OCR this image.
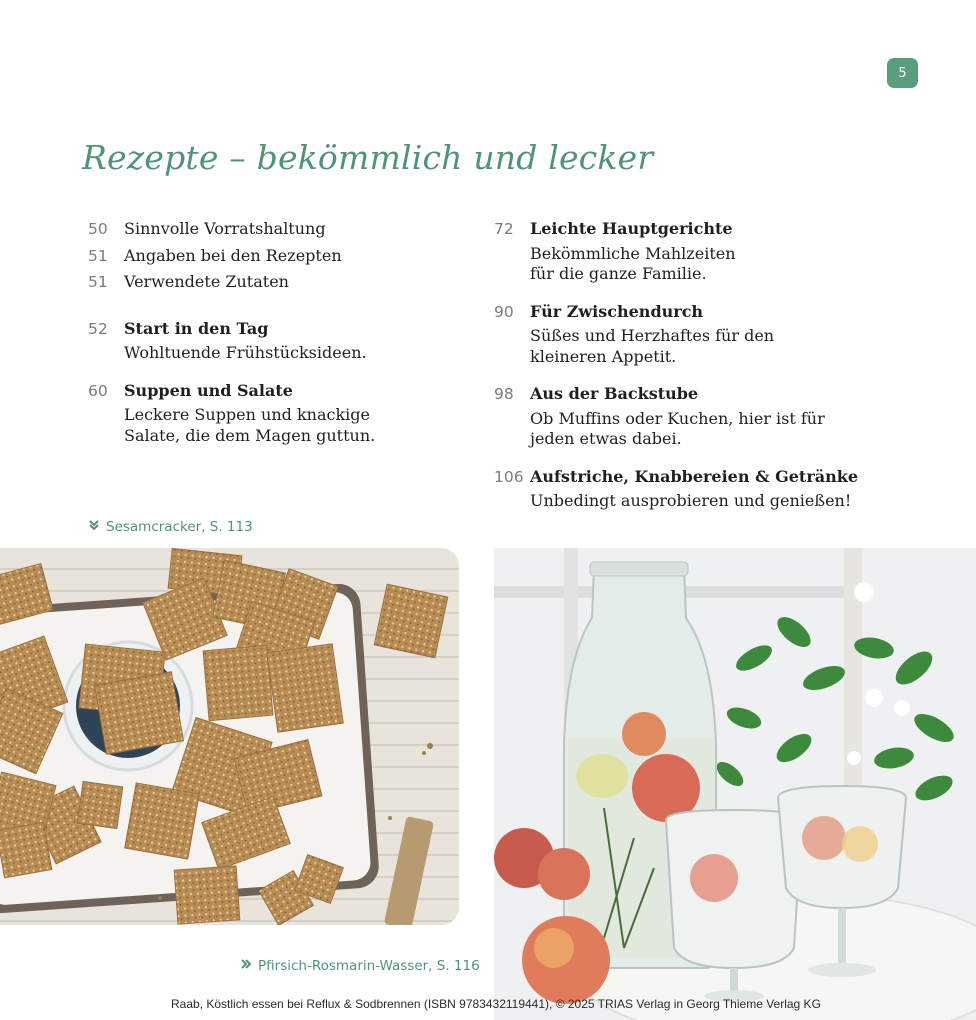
5
Rezepte – bekömmlich und lecker
50 Sinnvolle Vorratshaltung
51 Angaben bei den Rezepten
51 Verwendete Zutaten
52 Start in den Tag
Wohltuende Frühstücksideen.
60 Suppen und Salate
Leckere Suppen und knackige Salate, die dem Magen guttun.
72 Leichte Hauptgerichte
Bekömmliche Mahlzeiten für die ganze Familie.
90 Für Zwischendurch
Süßes und Herzhaftes für den kleineren Appetit.
98 Aus der Backstube
Ob Muffins oder Kuchen, hier ist für jeden etwas dabei.
106 Aufstriche, Knabbereien & Getränke
Unbedingt ausprobieren und genießen!
Sesamcracker, S. 113
Pfirsich-Rosmarin-Wasser, S. 116
Raab, Köstlich essen bei Reflux & Sodbrennen (ISBN 9783432119441), © 2025 TRIAS Verlag in Georg Thieme Verlag KG
